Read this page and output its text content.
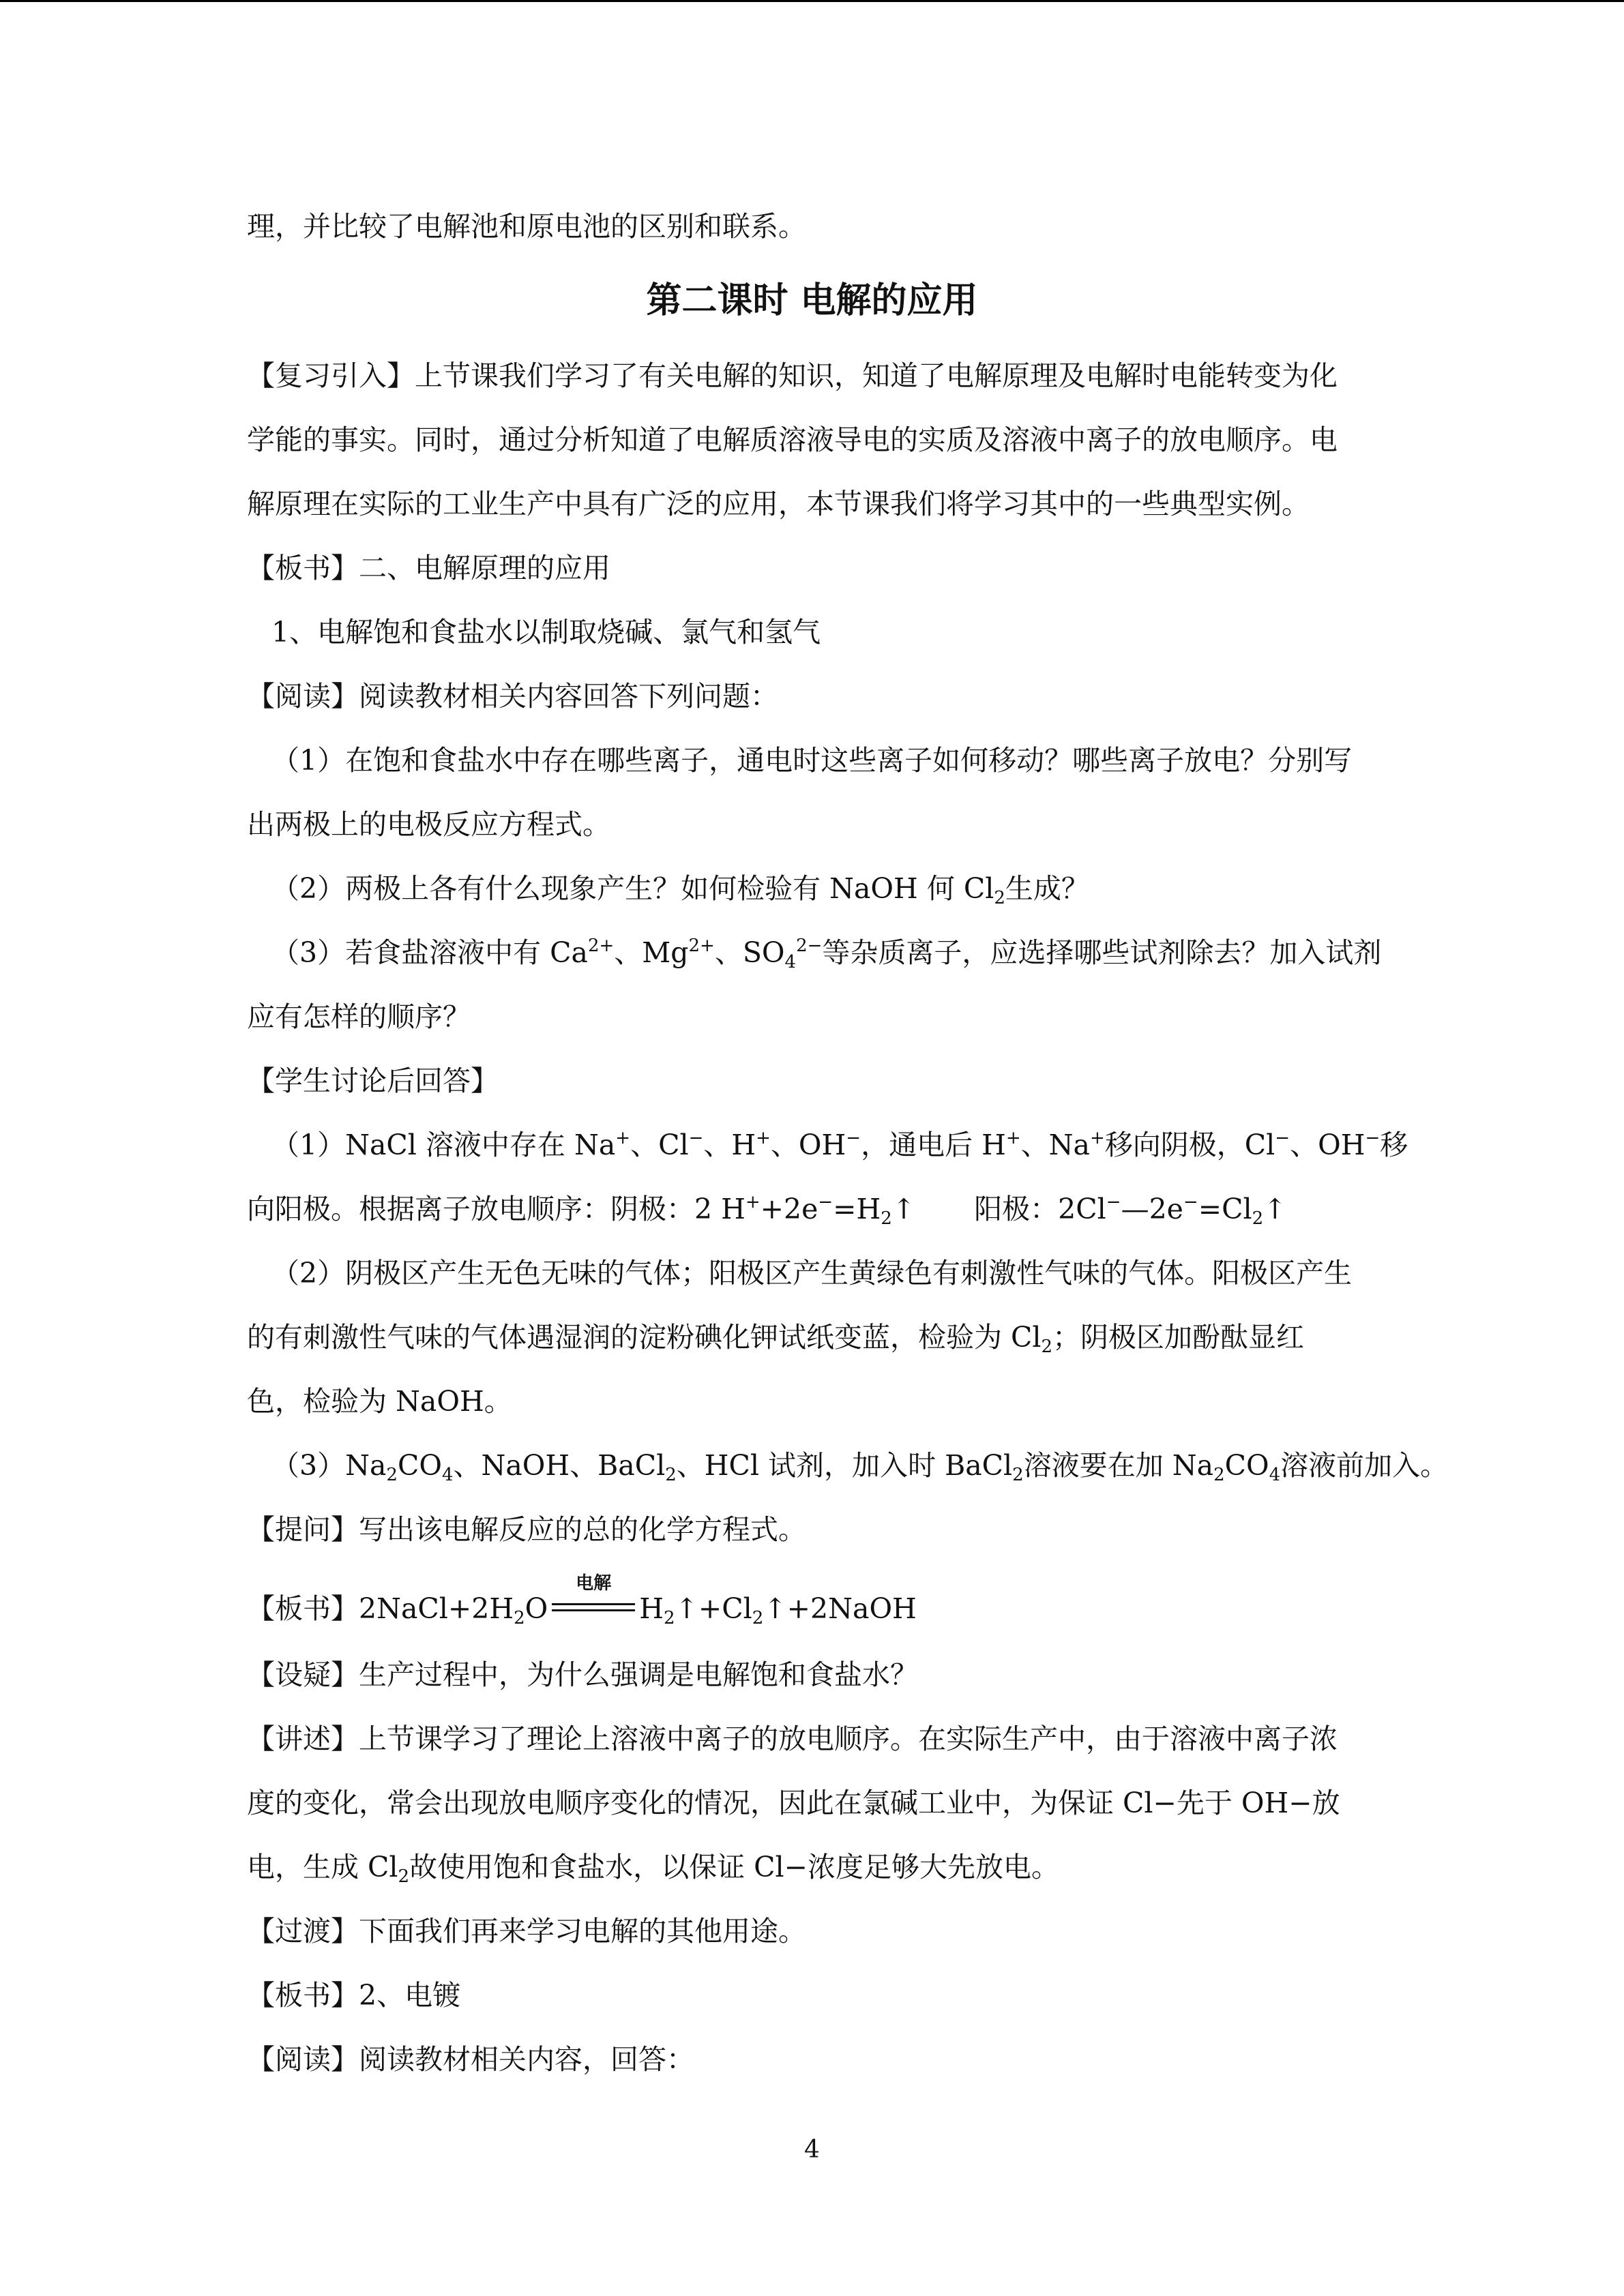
理，并比较了电解池和原电池的区别和联系。
第二课时 电解的应用
【复习引入】上节课我们学习了有关电解的知识，知道了电解原理及电解时电能转变为化
学能的事实。同时，通过分析知道了电解质溶液导电的实质及溶液中离子的放电顺序。电
解原理在实际的工业生产中具有广泛的应用，本节课我们将学习其中的一些典型实例。
【板书】二、电解原理的应用
1、电解饱和食盐水以制取烧碱、氯气和氢气
【阅读】阅读教材相关内容回答下列问题：
（1）在饱和食盐水中存在哪些离子，通电时这些离子如何移动？哪些离子放电？分别写
出两极上的电极反应方程式。
（2）两极上各有什么现象产生？如何检验有 NaOH 何 $Cl_2$生成？
（3）若食盐溶液中有 $Ca^{2+}$、$Mg^{2+}$、$SO_4^{2-}$等杂质离子，应选择哪些试剂除去？加入试剂
应有怎样的顺序？
【学生讨论后回答】
（1）NaCl 溶液中存在 Na+、Cl−、H+、OH−，通电后 H+、Na+移向阴极，Cl−、OH−移
向阳极。根据离子放电顺序：阴极：2 $H^++2e^-=H_2↑$ 阳极：$2Cl^-—2e^-=Cl_2↑$
（2）阴极区产生无色无味的气体；阳极区产生黄绿色有刺激性气味的气体。阳极区产生
的有刺激性气味的气体遇湿润的淀粉碘化钾试纸变蓝，检验为 $Cl_2$；阴极区加酚酞显红
色，检验为 NaOH。
$(3)Na_2CO_4$、NaOH、BaCl$_2$、HCl 试剂，加入时 BaCl$_2$溶液要在加 $Na_2CO_4$溶液前加入。
【提问】写出该电解反应的总的化学方程式。
【板书】$2NaCl+2H_2O$
电解
$H_2↑+Cl_2↑+2NaOH$
【设疑】生产过程中，为什么强调是电解饱和食盐水？
【讲述】上节课学习了理论上溶液中离子的放电顺序。在实际生产中，由于溶液中离子浓
度的变化，常会出现放电顺序变化的情况，因此在氯碱工业中，为保证 Cl−先于 OH−放
电，生成 $Cl_2$故使用饱和食盐水，以保证 Cl−浓度足够大先放电。
【过渡】下面我们再来学习电解的其他用途。
【板书】2、电镀
【阅读】阅读教材相关内容，回答：
4
